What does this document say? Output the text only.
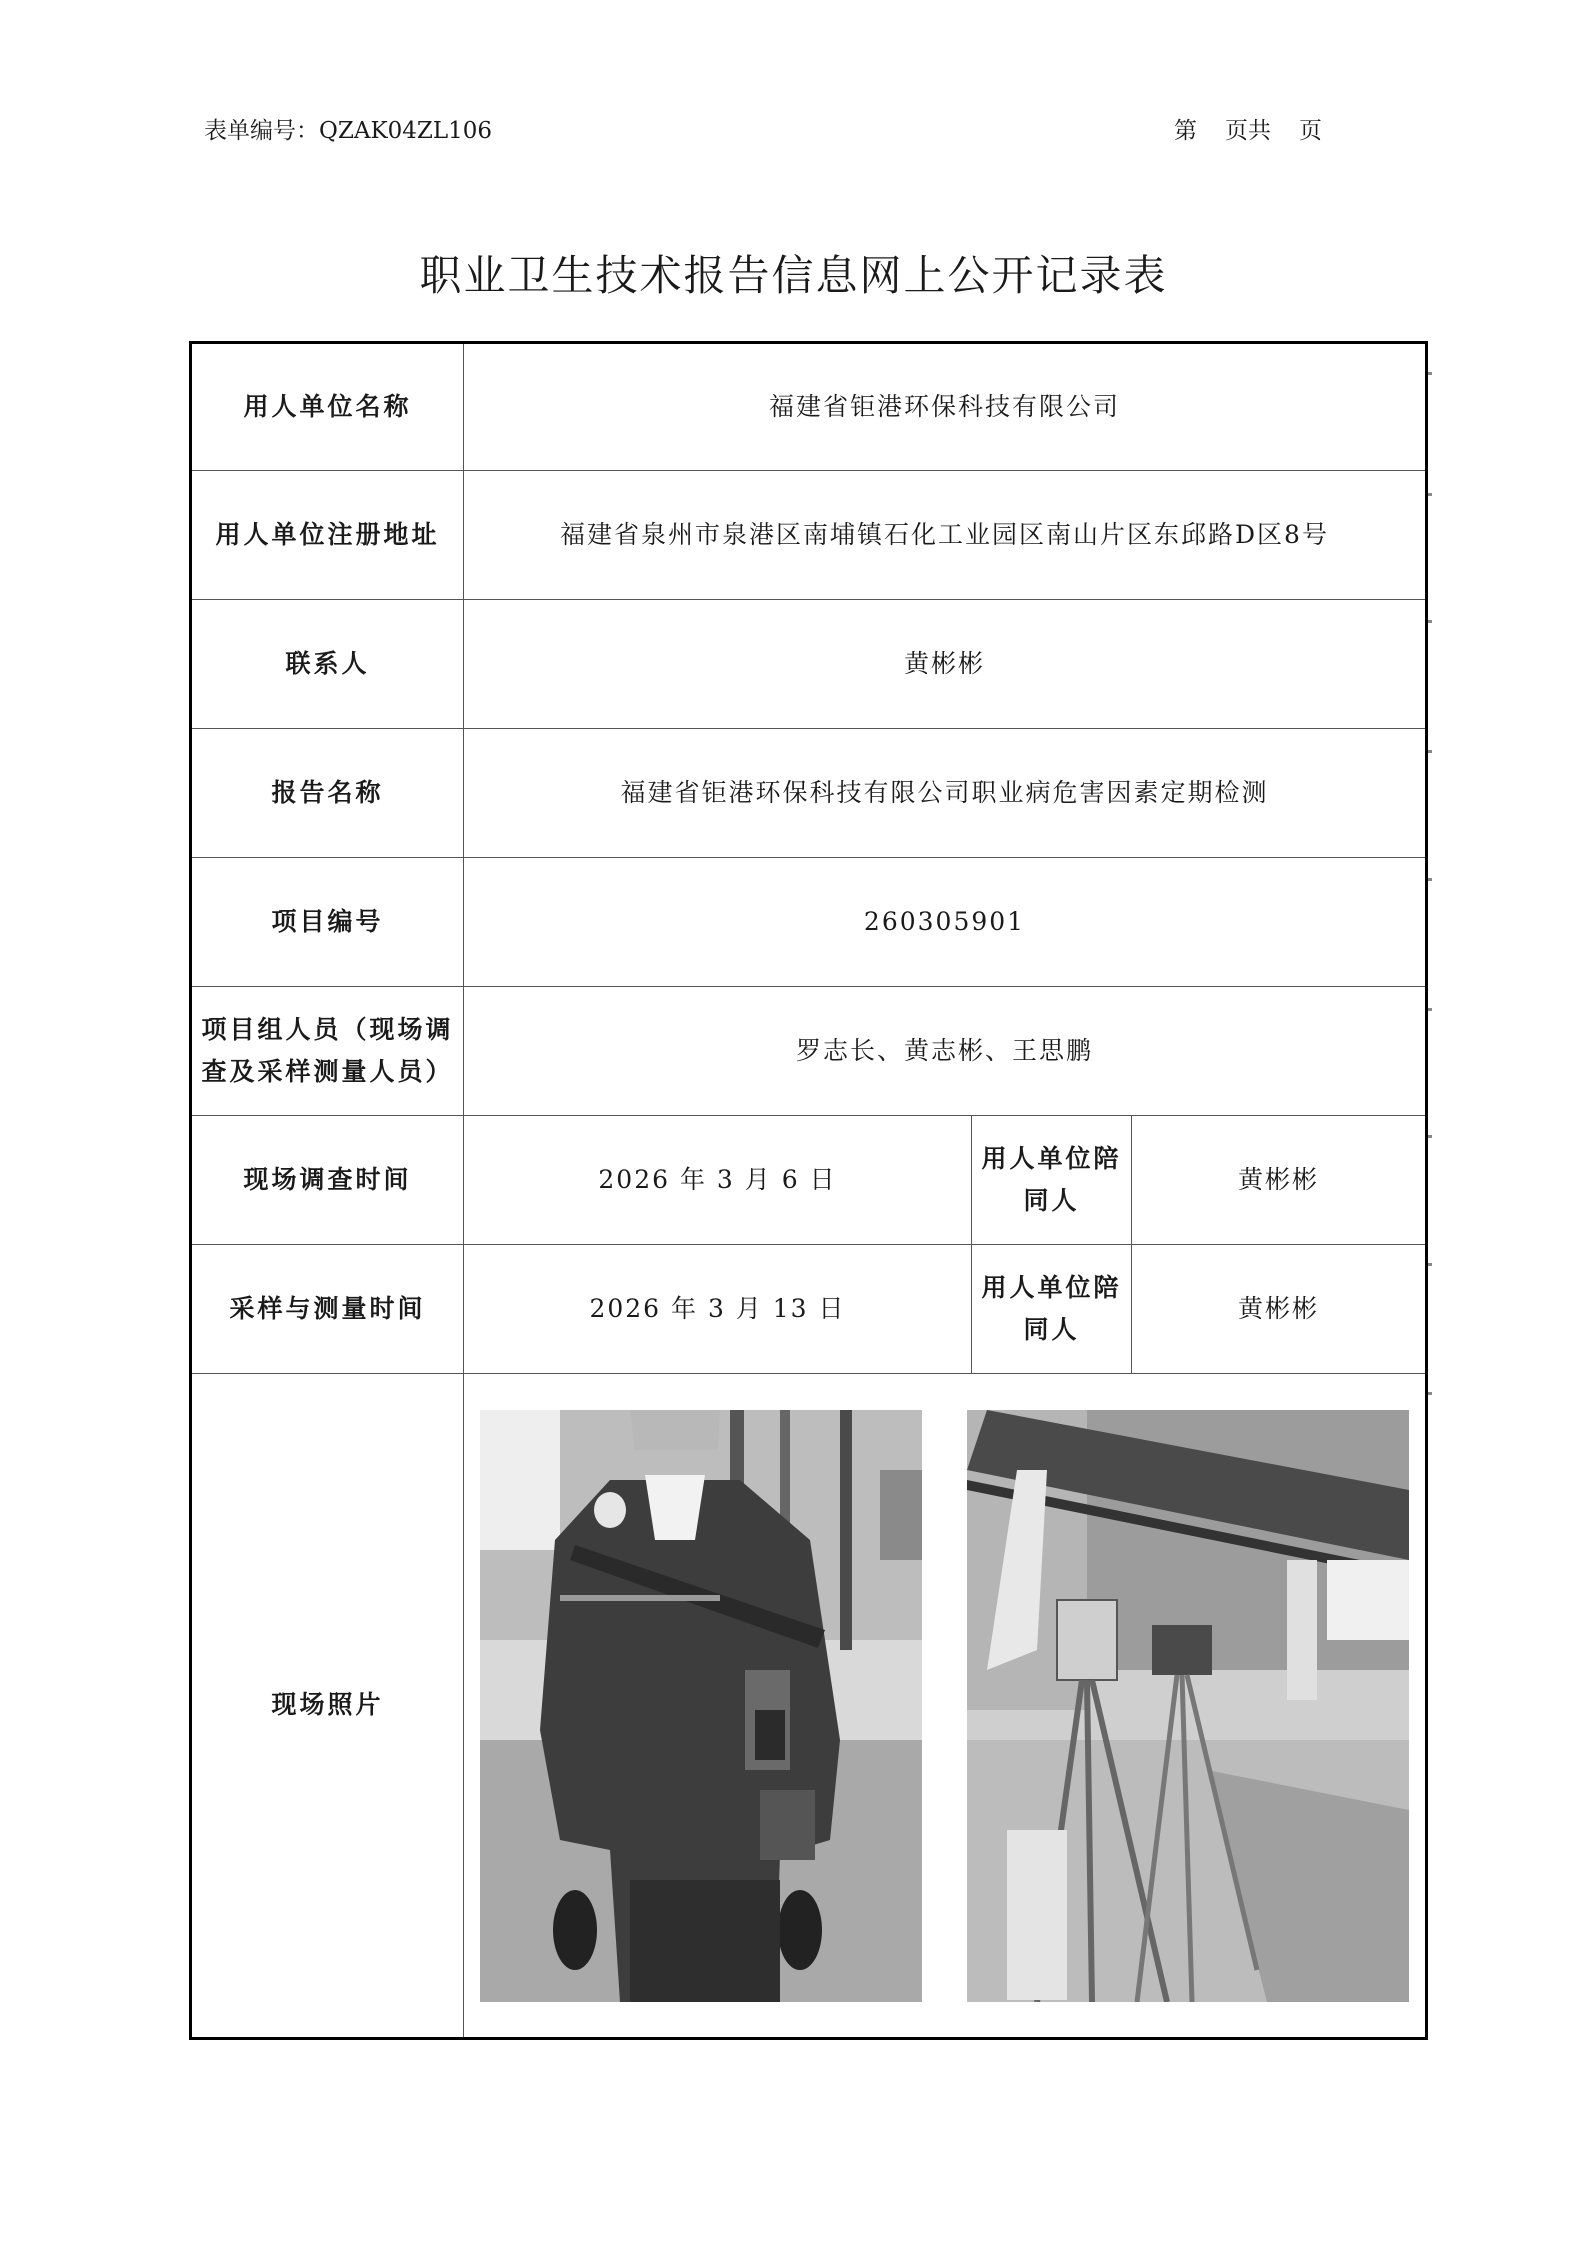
表单编号：QZAK04ZL106	第 页共 页
职业卫生技术报告信息网上公开记录表
用人单位名称	福建省钜港环保科技有限公司		
用人单位注册地址	福建省泉州市泉港区南埔镇石化工业园区南山片区东邱路D区8号		
联系人	黄彬彬		
报告名称	福建省钜港环保科技有限公司职业病危害因素定期检测		
项目编号	260305901		
项目组人员（现场调查及采样测量人员）	罗志长、黄志彬、王思鹏		
现场调查时间	2026 年 3 月 6 日	用人单位陪同人	黄彬彬
采样与测量时间	2026 年 3 月 13 日	用人单位陪同人	黄彬彬
现场照片	
